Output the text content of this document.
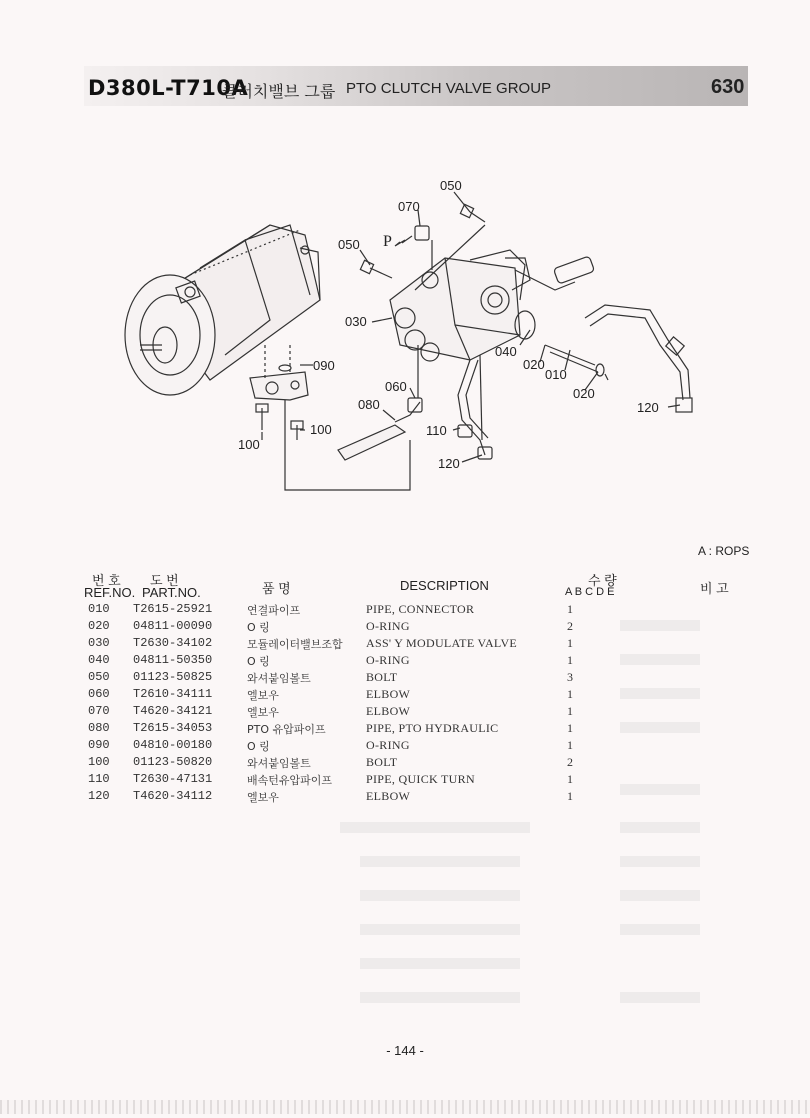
D380L-T710A
클러치밸브 그룹 PTO CLUTCH VALVE GROUP	630
050
070
P
050
030
090
060
080
040
020
010
020
120
110
120
100
100
A : ROPS
번 호 도 번
REF.NO. PART.NO.	품 명	DESCRIPTION	수 량
A B C D E	비 고
010 T2615-25921	연결파이프	PIPE, CONNECTOR	1
020 04811-00090	O 링	O-RING	2
030 T2630-34102	모듈레이터밸브조합 ASS' Y MODULATE VALVE	1
040 04811-50350	O 링	O-RING	1
050 01123-50825	와셔붙임볼트	BOLT	3
060 T2610-34111	엘보우	ELBOW	1
070 T4620-34121	엘보우	ELBOW	1
080 T2615-34053	PTO 유압파이프	PIPE, PTO HYDRAULIC	1
090 04810-00180	O 링	O-RING	1
100 01123-50820	와셔붙임볼트	BOLT	2
110 T2630-47131	배속턴유압파이프	PIPE, QUICK TURN	1
120 T4620-34112	엘보우	ELBOW	1
- 144 -
